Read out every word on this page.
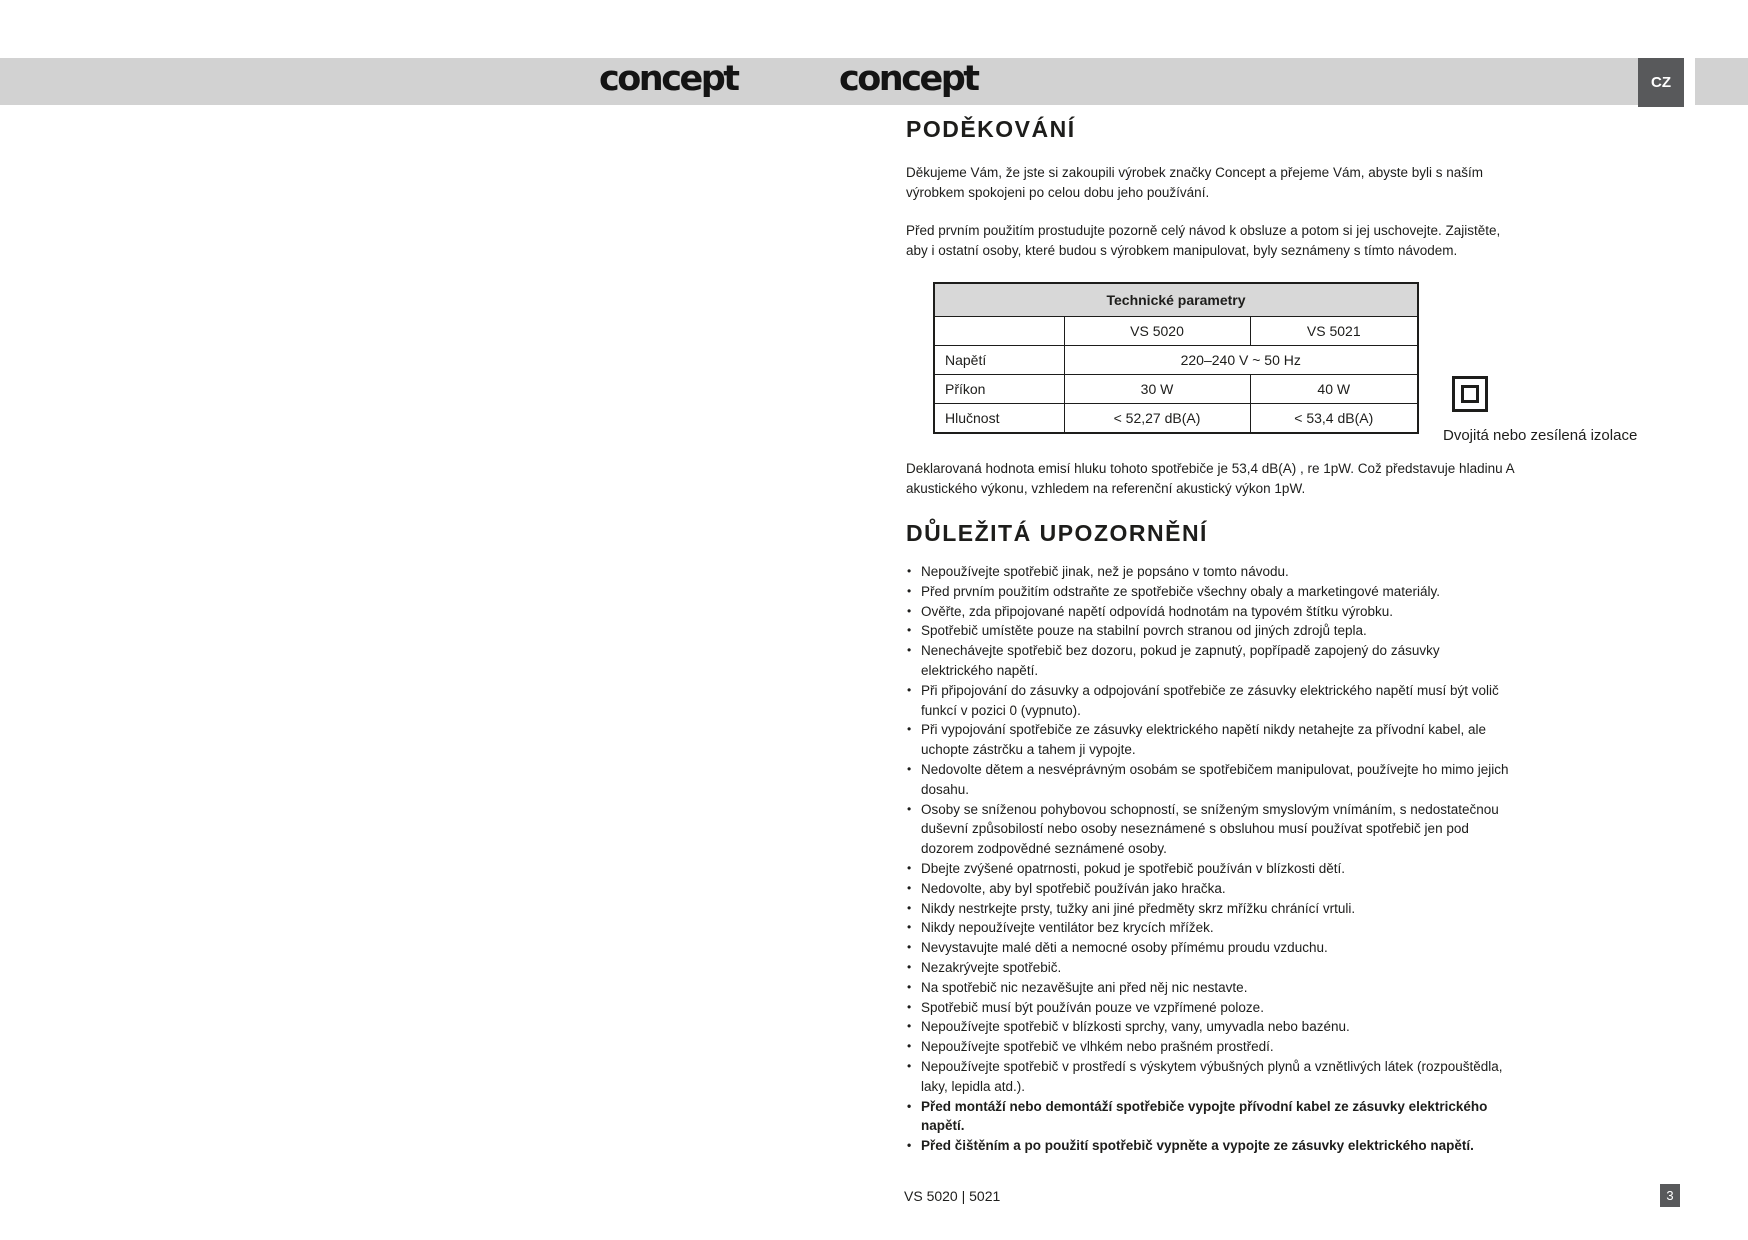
concept	concept	CZ
PODĚKOVÁNÍ

Děkujeme Vám, že jste si zakoupili výrobek značky Concept a přejeme Vám, abyste byli s naším výrobkem spokojeni po celou dobu jeho používání.

Před prvním použitím prostudujte pozorně celý návod k obsluze a potom si jej uschovejte. Zajistěte, aby i ostatní osoby, které budou s výrobkem manipulovat, byly seznámeny s tímto návodem.

Technické parametry		
	VS 5020	VS 5021
Napětí	220–240 V ~ 50 Hz	
Příkon	30 W	40 W
Hlučnost	< 52,27 dB(A)	< 53,4 dB(A)
Dvojitá nebo zesílená izolace

Deklarovaná hodnota emisí hluku tohoto spotřebiče je 53,4 dB(A) , re 1pW. Což představuje hladinu A akustického výkonu, vzhledem na referenční akustický výkon 1pW.

DŮLEŽITÁ UPOZORNĚNÍ
• Nepoužívejte spotřebič jinak, než je popsáno v tomto návodu.
• Před prvním použitím odstraňte ze spotřebiče všechny obaly a marketingové materiály.
• Ověřte, zda připojované napětí odpovídá hodnotám na typovém štítku výrobku.
• Spotřebič umístěte pouze na stabilní povrch stranou od jiných zdrojů tepla.
• Nenechávejte spotřebič bez dozoru, pokud je zapnutý, popřípadě zapojený do zásuvky elektrického napětí.
• Při připojování do zásuvky a odpojování spotřebiče ze zásuvky elektrického napětí musí být volič funkcí v pozici 0 (vypnuto).
• Při vypojování spotřebiče ze zásuvky elektrického napětí nikdy netahejte za přívodní kabel, ale uchopte zástrčku a tahem ji vypojte.
• Nedovolte dětem a nesvéprávným osobám se spotřebičem manipulovat, používejte ho mimo jejich dosahu.
• Osoby se sníženou pohybovou schopností, se sníženým smyslovým vnímáním, s nedostatečnou duševní způsobilostí nebo osoby neseznámené s obsluhou musí používat spotřebič jen pod dozorem zodpovědné seznámené osoby.
• Dbejte zvýšené opatrnosti, pokud je spotřebič používán v blízkosti dětí.
• Nedovolte, aby byl spotřebič používán jako hračka.
• Nikdy nestrkejte prsty, tužky ani jiné předměty skrz mřížku chránící vrtuli.
• Nikdy nepoužívejte ventilátor bez krycích mřížek.
• Nevystavujte malé děti a nemocné osoby přímému proudu vzduchu.
• Nezakrývejte spotřebič.
• Na spotřebič nic nezavěšujte ani před něj nic nestavte.
• Spotřebič musí být používán pouze ve vzpřímené poloze.
• Nepoužívejte spotřebič v blízkosti sprchy, vany, umyvadla nebo bazénu.
• Nepoužívejte spotřebič ve vlhkém nebo prašném prostředí.
• Nepoužívejte spotřebič v prostředí s výskytem výbušných plynů a vznětlivých látek (rozpouštědla, laky, lepidla atd.).
• Před montáží nebo demontáží spotřebiče vypojte přívodní kabel ze zásuvky elektrického napětí.
• Před čištěním a po použití spotřebič vypněte a vypojte ze zásuvky elektrického napětí.
VS 5020 | 5021	3
